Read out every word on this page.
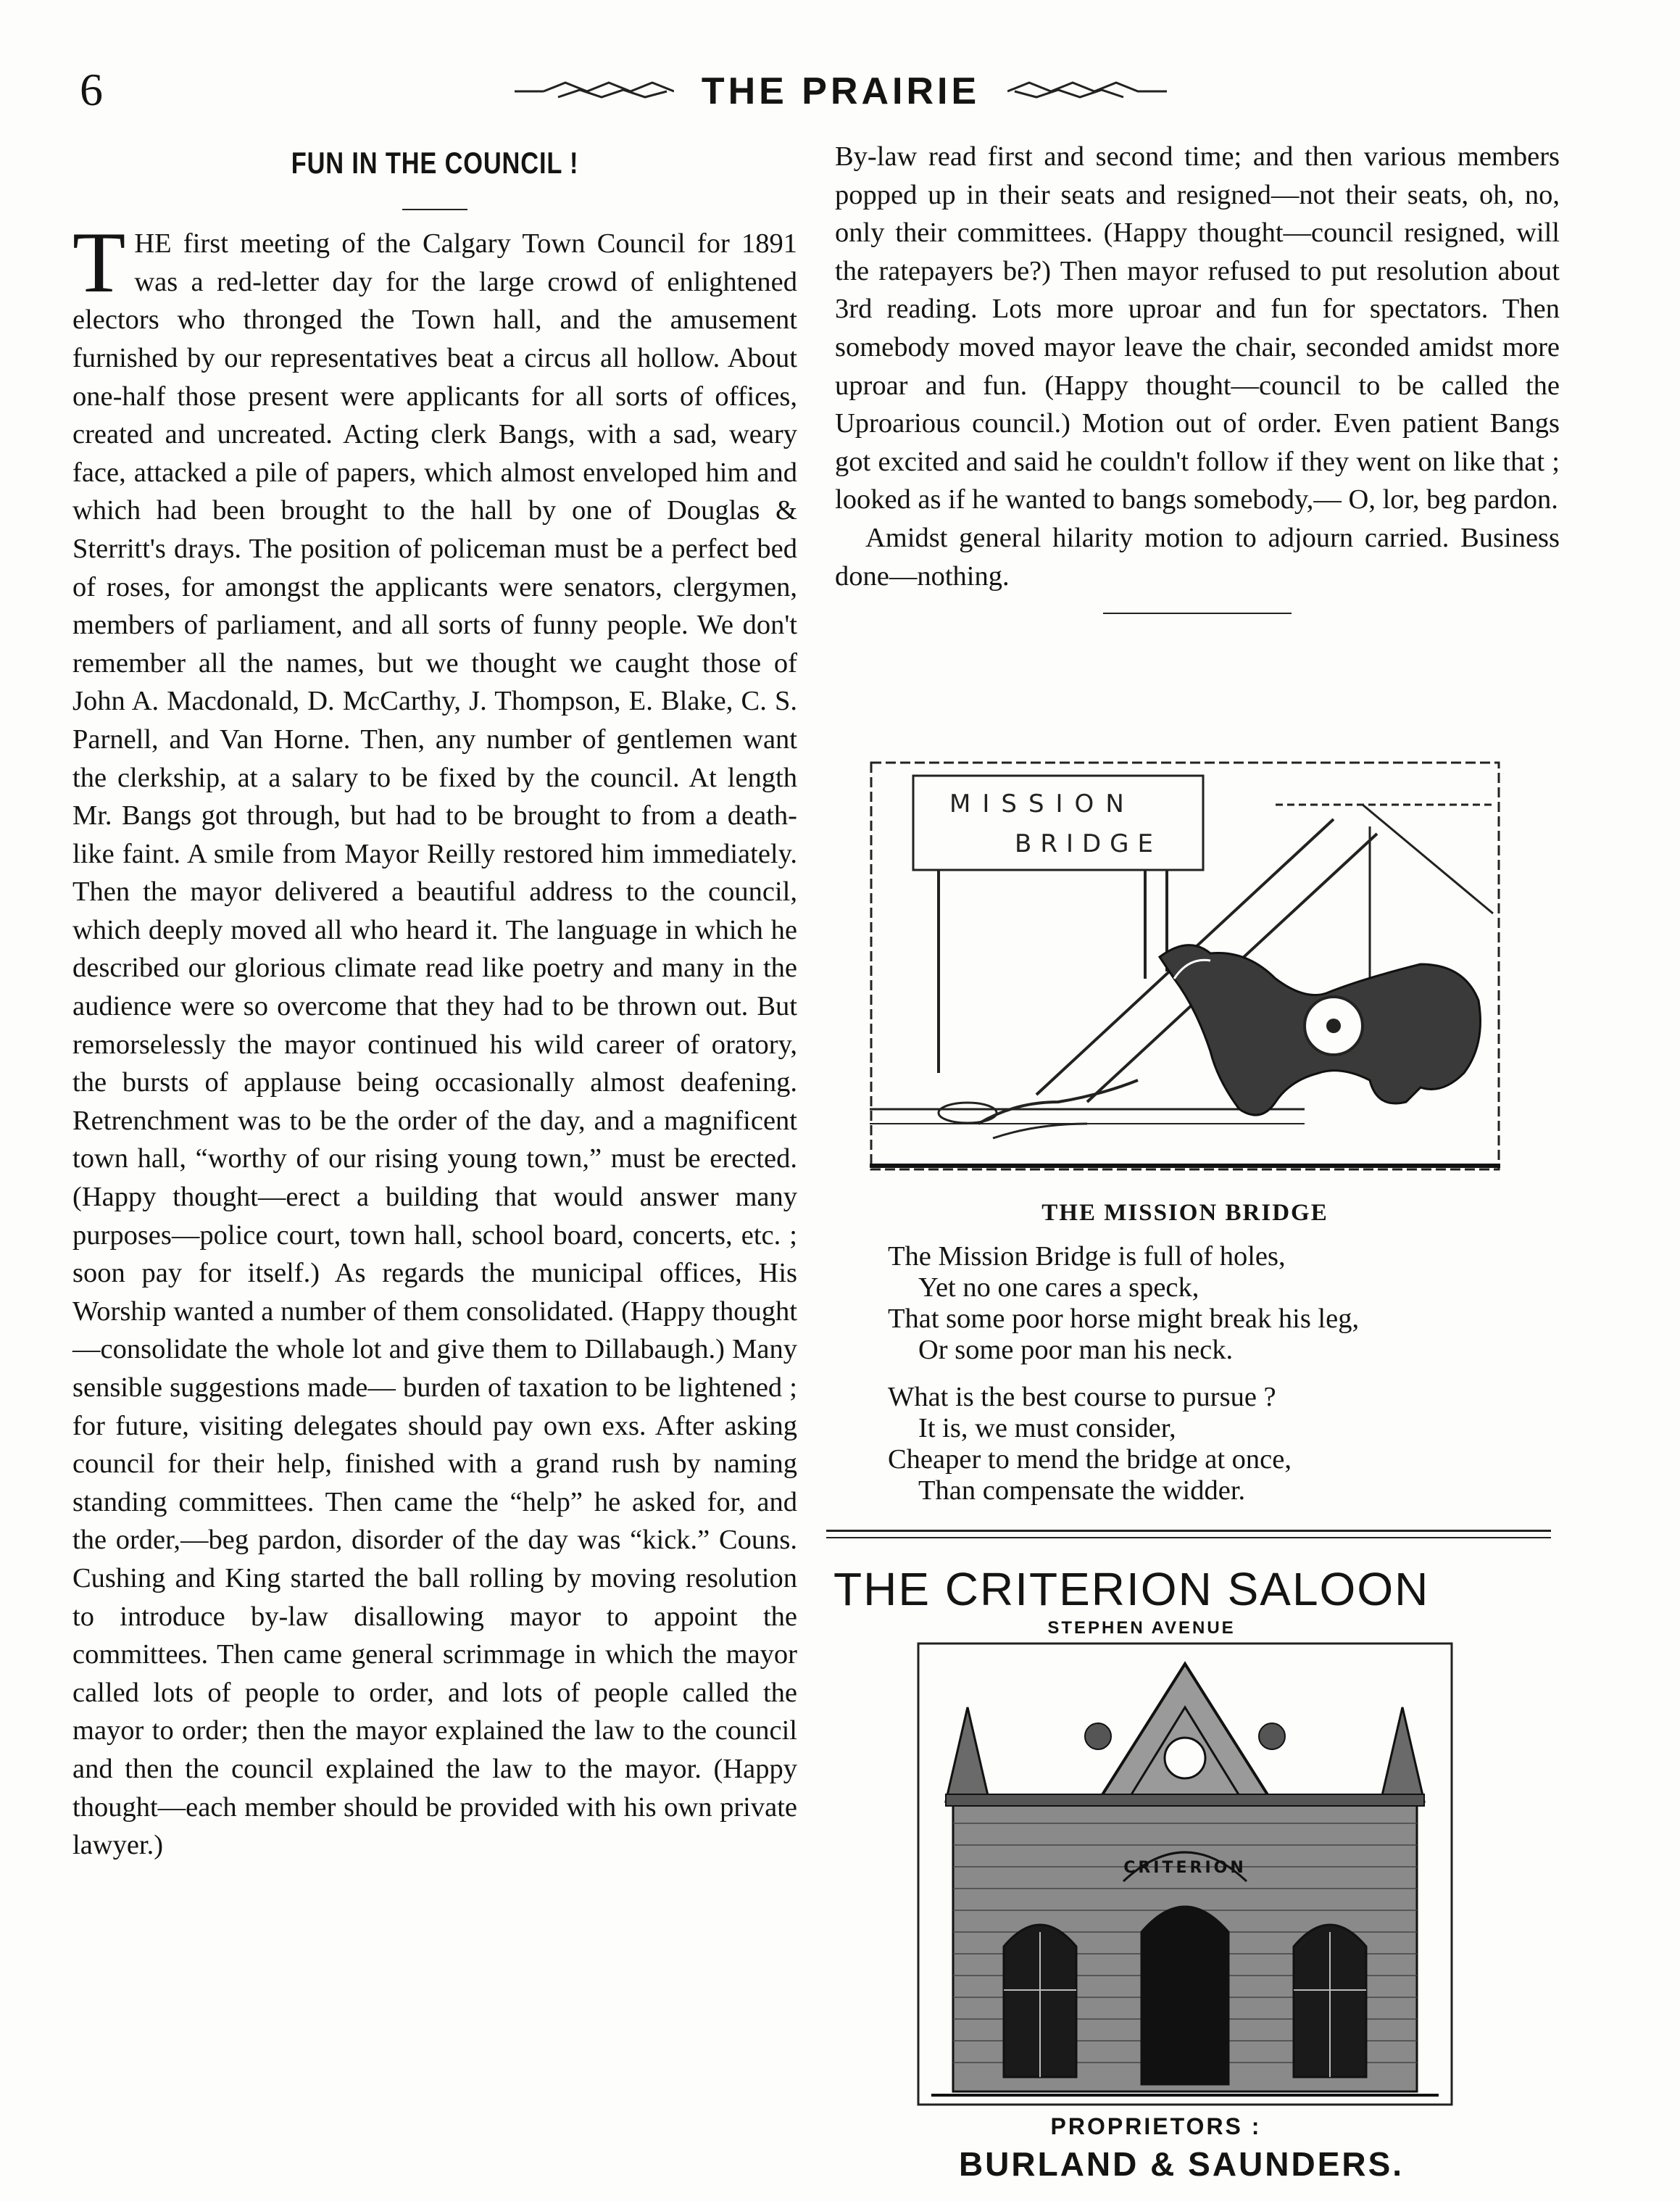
6	THE PRAIRIE
FUN IN THE COUNCIL !

THE first meeting of the Calgary Town Council for 1891 was a red-letter day for the large crowd of enlightened electors who thronged the Town hall, and the amusement furnished by our representatives beat a circus all hollow. About one-half those present were applicants for all sorts of offices, created and uncreated. Acting clerk Bangs, with a sad, weary face, attacked a pile of papers, which almost enveloped him and which had been brought to the hall by one of Douglas & Sterritt's drays. The position of policeman must be a perfect bed of roses, for amongst the applicants were senators, clergymen, members of parliament, and all sorts of funny people. We don't remember all the names, but we thought we caught those of John A. Macdonald, D. McCarthy, J. Thompson, E. Blake, C. S. Parnell, and Van Horne. Then, any number of gentlemen want the clerkship, at a salary to be fixed by the council. At length Mr. Bangs got through, but had to be brought to from a death-like faint. A smile from Mayor Reilly restored him immediately. Then the mayor delivered a beautiful address to the council, which deeply moved all who heard it. The language in which he described our glorious climate read like poetry and many in the audience were so overcome that they had to be thrown out. But remorselessly the mayor continued his wild career of oratory, the bursts of applause being occasionally almost deafening. Retrenchment was to be the order of the day, and a magnificent town hall, “worthy of our rising young town,” must be erected. (Happy thought—erect a building that would answer many purposes—police court, town hall, school board, concerts, etc. ; soon pay for itself.) As regards the municipal offices, His Worship wanted a number of them consolidated. (Happy thought —consolidate the whole lot and give them to Dillabaugh.) Many sensible suggestions made— burden of taxation to be lightened ; for future, visiting delegates should pay own exs. After asking council for their help, finished with a grand rush by naming standing committees. Then came the “help” he asked for, and the order,—beg pardon, disorder of the day was “kick.” Couns. Cushing and King started the ball rolling by moving resolution to introduce by-law disallowing mayor to appoint the committees. Then came general scrimmage in which the mayor called lots of people to order, and lots of people called the mayor to order; then the mayor explained the law to the council and then the council explained the law to the mayor. (Happy thought—each member should be provided with his own private lawyer.)

By-law read first and second time; and then various members popped up in their seats and resigned—not their seats, oh, no, only their committees. (Happy thought—council resigned, will the ratepayers be?) Then mayor refused to put resolution about 3rd reading. Lots more uproar and fun for spectators. Then somebody moved mayor leave the chair, seconded amidst more uproar and fun. (Happy thought—council to be called the Uproarious council.) Motion out of order. Even patient Bangs got excited and said he couldn't follow if they went on like that ; looked as if he wanted to bangs somebody,— O, lor, beg pardon.

Amidst general hilarity motion to adjourn carried. Business done—nothing.

MISSION
BRIDGE
THE MISSION BRIDGE
The Mission Bridge is full of holes,
Yet no one cares a speck,
That some poor horse might break his leg,
Or some poor man his neck.
What is the best course to pursue ?
It is, we must consider,
Cheaper to mend the bridge at once,
Than compensate the widder.
THE CRITERION SALOON
STEPHEN AVENUE
CRITERION
PROPRIETORS :
BURLAND & SAUNDERS.
